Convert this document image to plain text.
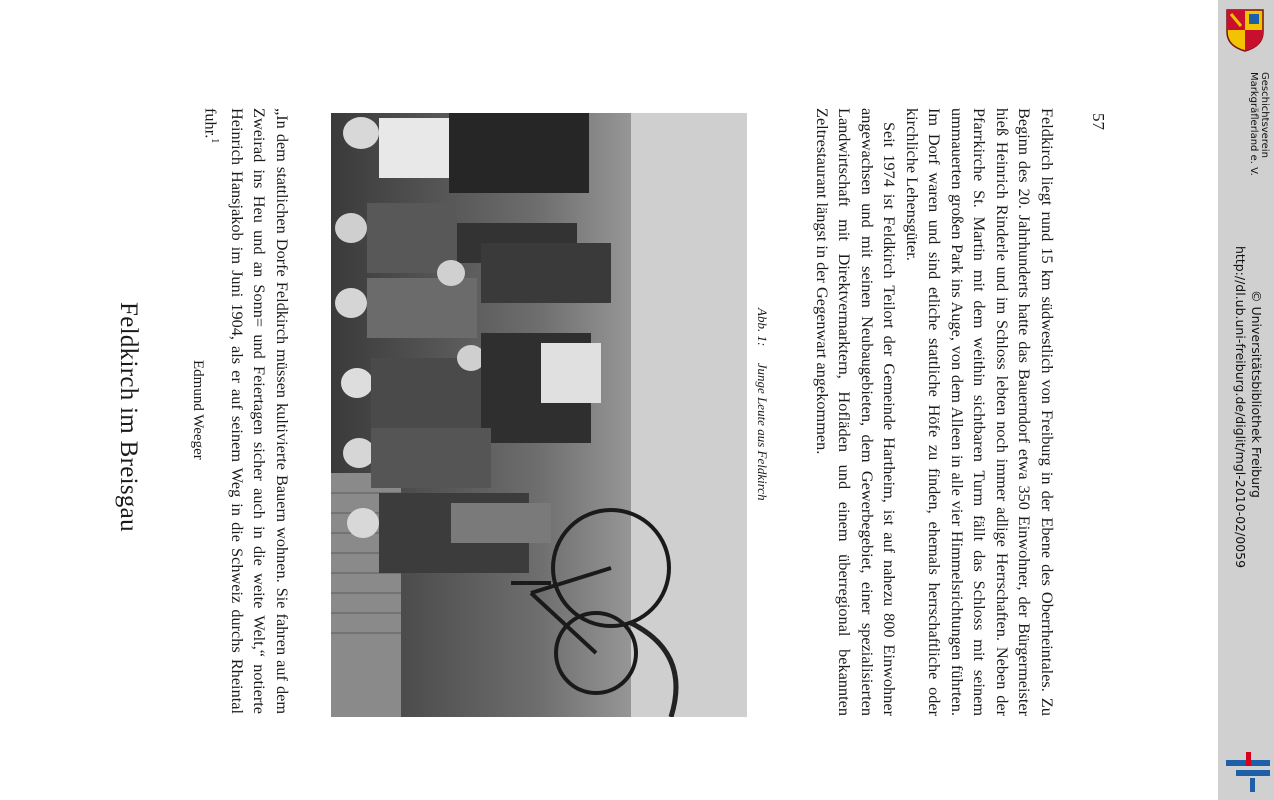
Feldkirch im Breisgau	Edmund Weeger	„In dem stattlichen Dorfe Feldkirch müssen kultivierte Bauern wohnen. Sie fahren auf dem Zweirad ins Heu und an Sonn= und Feiertagen sicher auch in die weite Welt,“ notierte Heinrich Hansjakob im Juni 1904, als er auf seinem Weg in die Schweiz durchs Rheintal fuhr.$^1$

Abb. 1:  Junge Leute aus Feldkirch	Feldkirch liegt rund 15 km südwestlich von Freiburg in der Ebene des Oberrheintales. Zu Beginn des 20. Jahrhunderts hatte das Bauerndorf etwa 350 Einwohner, der Bürgermeister hieß Heinrich Rinderle und im Schloss lebten noch immer adlige Herrschaften. Neben der Pfarrkirche St. Martin mit dem weithin sichtbaren Turm fällt das Schloss mit seinem ummauerten großen Park ins Auge, von dem Alleen in alle vier Himmelsrichtungen führten. Im Dorf waren und sind etliche stattliche Höfe zu finden, ehemals herrschaftliche oder kirchliche Lehensgüter.

Seit 1974 ist Feldkirch Teilort der Gemeinde Hartheim, ist auf nahezu 800 Einwohner angewachsen und mit seinen Neubaugebieten, dem Gewerbegebiet, einer spezialisierten Landwirtschaft mit Direktvermarktern, Hofläden und einem überregional bekannten Zeltrestaurant längst in der Gegenwart angekommen.	57	Geschichtsverein
Markgräflerland e. V.
http://dl.ub.uni-freiburg.de/diglit/mgl-2010-02/0059 © Universitätsbibliothek Freiburg
